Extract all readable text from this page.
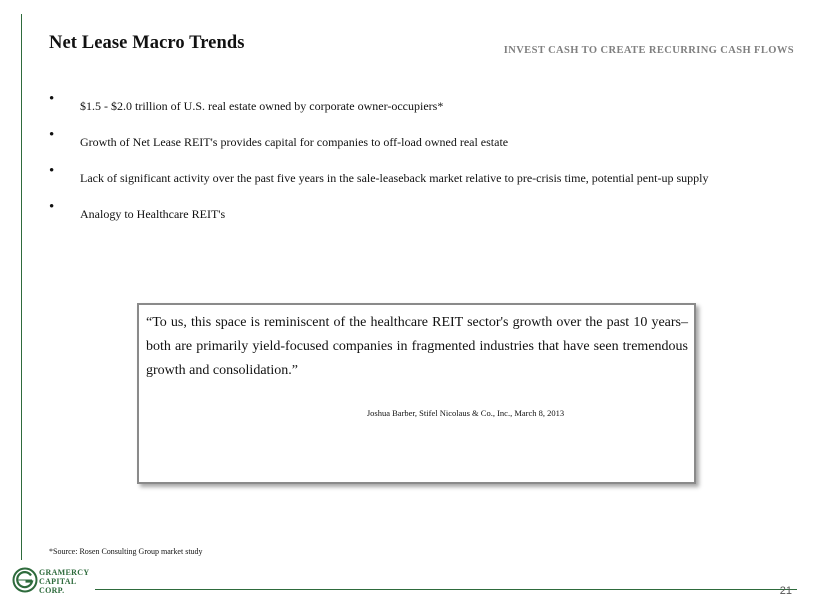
Net Lease Macro Trends	INVEST CASH TO CREATE RECURRING CASH FLOWS
• $1.5 - $2.0 trillion of U.S. real estate owned by corporate owner-occupiers*
• Growth of Net Lease REIT's provides capital for companies to off-load owned real estate
• Lack of significant activity over the past five years in the sale-leaseback market relative to pre-crisis time, potential pent-up supply
• Analogy to Healthcare REIT's
“To us, this space is reminiscent of the healthcare REIT sector's growth over the past 10 years– both are primarily yield-focused companies in fragmented industries that have seen tremendous growth and consolidation.”
Joshua Barber, Stifel Nicolaus & Co., Inc., March 8, 2013
*Source: Rosen Consulting Group market study
GRAMERCY
CAPITAL
CORP.	21
